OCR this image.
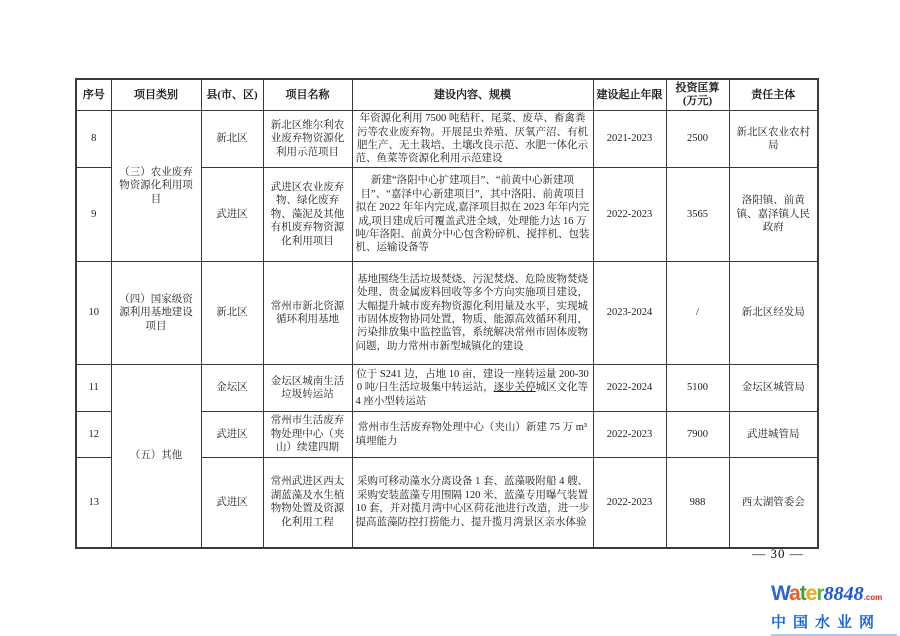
序号	项目类别	县(市、区)	项目名称	建设内容、规模	建设起止年限	投资匡算 (万元)	责任主体
8	（三）农业废弃物资源化利用项目	新北区	新北区维尔利农业废弃物资源化利用示范项目	年资源化利用 7500 吨秸秆、尾菜、废草、畜禽粪污等农业废弃物。开展昆虫养殖、厌氧产沼、有机肥生产、无土栽培、土壤改良示范、水肥一体化示范、鱼菜等资源化利用示范建设	2021-2023	2500	新北区农业农村局
9		武进区	武进区农业废弃物、绿化废弃物、藻泥及其他有机废弃物资源化利用项目	新建“洛阳中心扩建项目”、“前黄中心新建项目”、“嘉泽中心新建项目”，其中洛阳、前黄项目拟在 2022 年年内完成,嘉泽项目拟在 2023 年年内完成,项目建成后可覆盖武进全域，处理能力达 16 万吨/年洛阳、前黄分中心包含粉碎机、搅拌机、包装机、运输设备等	2022-2023	3565	洛阳镇、前黄镇、嘉泽镇人民政府
10	（四）国家级资源利用基地建设项目	新北区	常州市新北资源循环利用基地	基地围绕生活垃圾焚烧、污泥焚烧、危险废物焚烧处理、贵金属废料回收等多个方向实施项目建设，大幅提升城市废弃物资源化利用量及水平，实现城市固体废物协同处置，物质、能源高效循环利用，污染排放集中监控监管，系统解决常州市固体废物问题，助力常州市新型城镇化的建设	2023-2024	/	新北区经发局
11	（五）其他	金坛区	金坛区城南生活垃圾转运站	位于 S241 边，占地 10 亩，建设一座转运量 200-300 吨/日生活垃圾集中转运站，逐步关停城区文化等 4 座小型转运站	2022-2024	5100	金坛区城管局
12		武进区	常州市生活废弃物处理中心（夹山）续建四期	常州市生活废弃物处理中心（夹山）新建 75 万 m³ 填埋能力	2022-2023	7900	武进城管局
13		武进区	常州武进区西太湖蓝藻及水生植物物处置及资源化利用工程	采购可移动藻水分离设备 1 套、蓝藻吸附船 4 艘、采购安装蓝藻专用围隔 120 米、蓝藻专用曝气装置 10 套，并对揽月湾中心区荷花池进行改造，进一步提高蓝藻防控打捞能力、提升揽月湾景区亲水体验	2022-2023	988	西太湖管委会
— 30 —
Water8848.com
中国水业网
